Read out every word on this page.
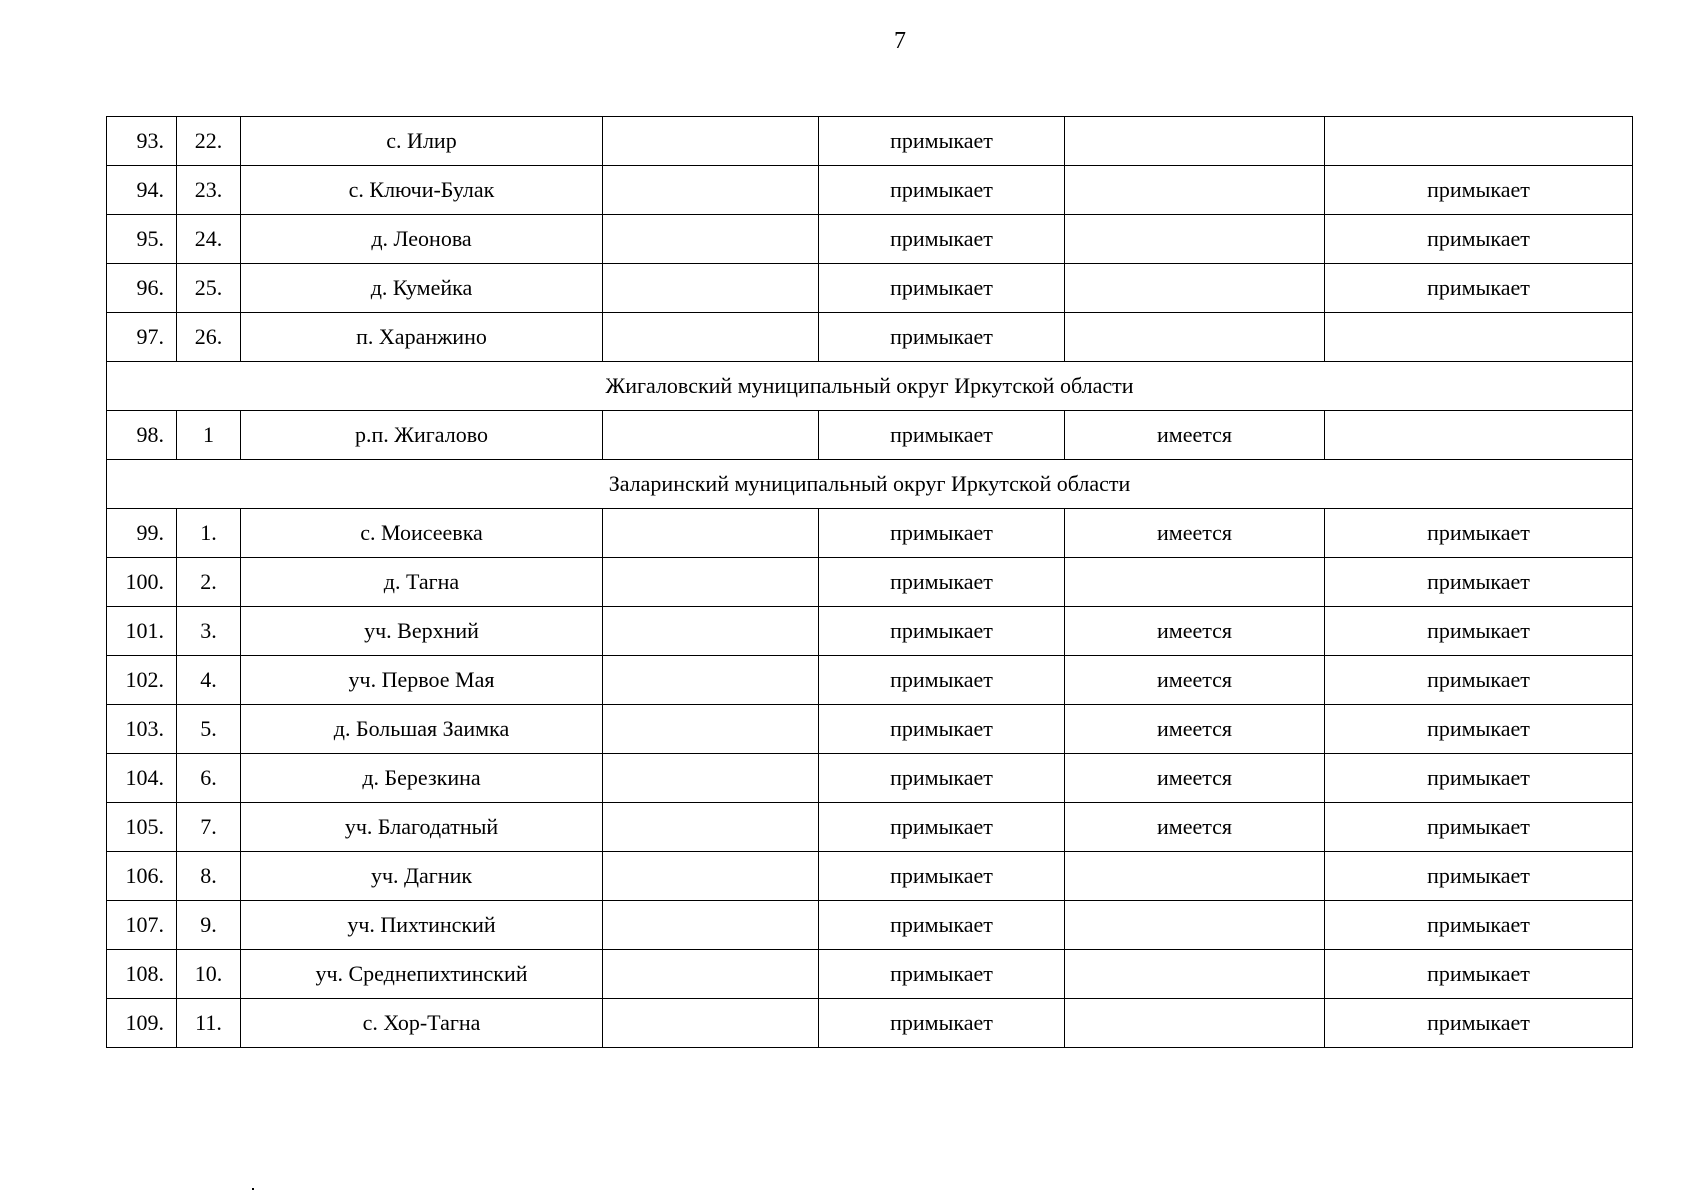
7
93.	22.	с. Илир		примыкает		
94.	23.	с. Ключи-Булак		примыкает		примыкает
95.	24.	д. Леонова		примыкает		примыкает
96.	25.	д. Кумейка		примыкает		примыкает
97.	26.	п. Харанжино		примыкает		
Жигаловский муниципальный округ Иркутской области						
98.	1	р.п. Жигалово		примыкает	имеется	
Заларинский муниципальный округ Иркутской области						
99.	1.	с. Моисеевка		примыкает	имеется	примыкает
100.	2.	д. Тагна		примыкает		примыкает
101.	3.	уч. Верхний		примыкает	имеется	примыкает
102.	4.	уч. Первое Мая		примыкает	имеется	примыкает
103.	5.	д. Большая Заимка		примыкает	имеется	примыкает
104.	6.	д. Березкина		примыкает	имеется	примыкает
105.	7.	уч. Благодатный		примыкает	имеется	примыкает
106.	8.	уч. Дагник		примыкает		примыкает
107.	9.	уч. Пихтинский		примыкает		примыкает
108.	10.	уч. Среднепихтинский		примыкает		примыкает
109.	11.	с. Хор-Тагна		примыкает		примыкает
